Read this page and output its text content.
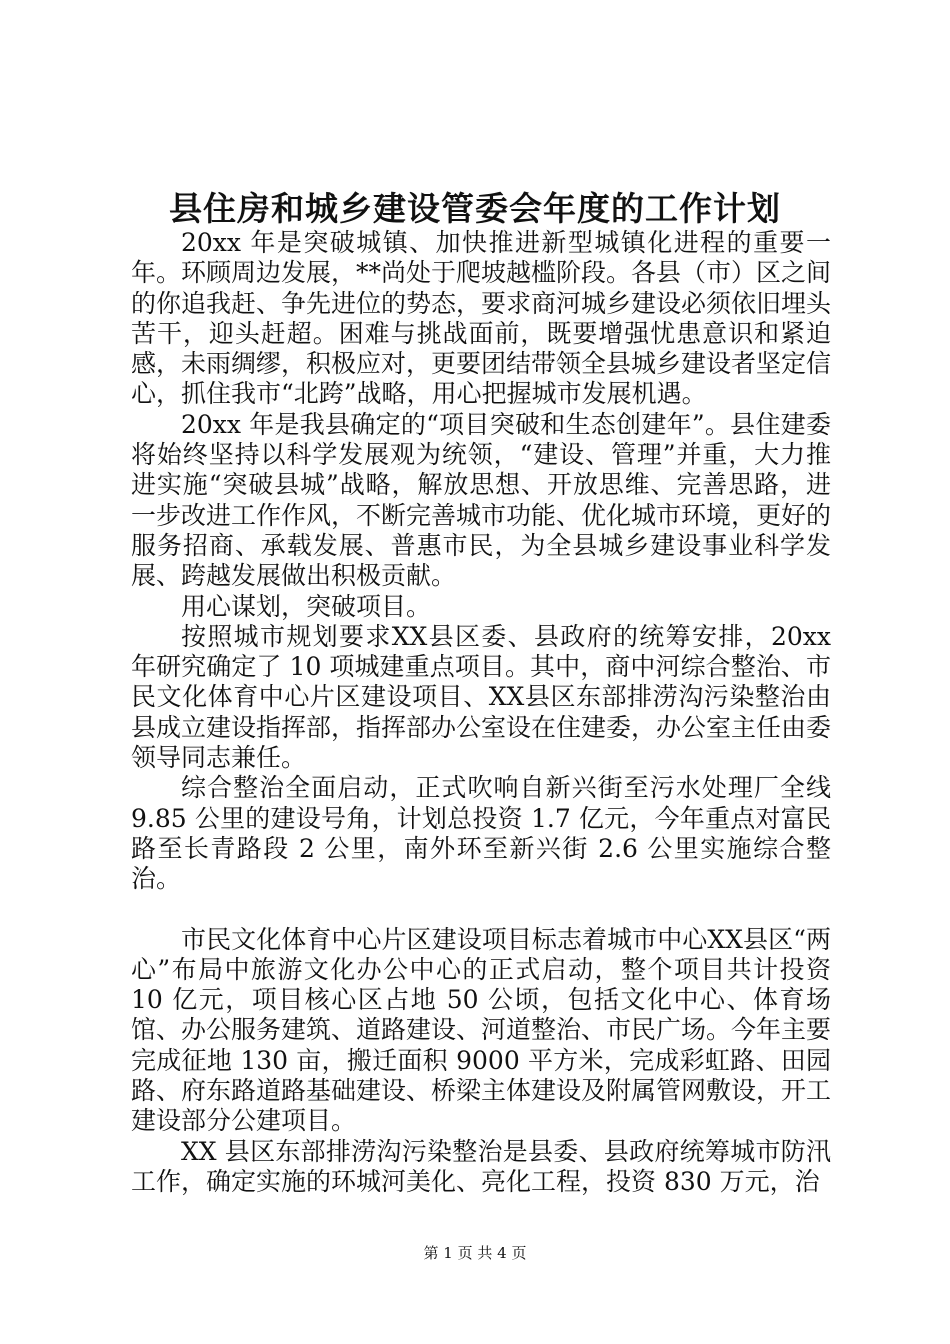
县住房和城乡建设管委会年度的工作计划

20xx 年是突破城镇、加快推进新型城镇化进程的重要一年。环顾周边发展，**尚处于爬坡越槛阶段。各县（市）区之间的你追我赶、争先进位的势态，要求商河城乡建设必须依旧埋头苦干，迎头赶超。困难与挑战面前，既要增强忧患意识和紧迫感，未雨绸缪，积极应对，更要团结带领全县城乡建设者坚定信心，抓住我市“北跨”战略，用心把握城市发展机遇。

20xx 年是我县确定的“项目突破和生态创建年”。县住建委将始终坚持以科学发展观为统领，“建设、管理”并重，大力推进实施“突破县城”战略，解放思想、开放思维、完善思路，进一步改进工作作风，不断完善城市功能、优化城市环境，更好的服务招商、承载发展、普惠市民，为全县城乡建设事业科学发展、跨越发展做出积极贡献。

用心谋划，突破项目。

按照城市规划要求XX县区委、县政府的统筹安排，20xx 年研究确定了 10 项城建重点项目。其中，商中河综合整治、市民文化体育中心片区建设项目、XX县区东部排涝沟污染整治由县成立建设指挥部，指挥部办公室设在住建委，办公室主任由委领导同志兼任。

综合整治全面启动，正式吹响自新兴街至污水处理厂全线9.85 公里的建设号角，计划总投资 1.7 亿元，今年重点对富民路至长青路段 2 公里，南外环至新兴街 2.6 公里实施综合整治。

市民文化体育中心片区建设项目标志着城市中心XX县区“两心”布局中旅游文化办公中心的正式启动，整个项目共计投资 10 亿元，项目核心区占地 50 公顷，包括文化中心、体育场馆、办公服务建筑、道路建设、河道整治、市民广场。今年主要完成征地 130 亩，搬迁面积 9000 平方米，完成彩虹路、田园路、府东路道路基础建设、桥梁主体建设及附属管网敷设，开工建设部分公建项目。

XX 县区东部排涝沟污染整治是县委、县政府统筹城市防汛工作，确定实施的环城河美化、亮化工程，投资 830 万元，治

第 1 页 共 4 页
